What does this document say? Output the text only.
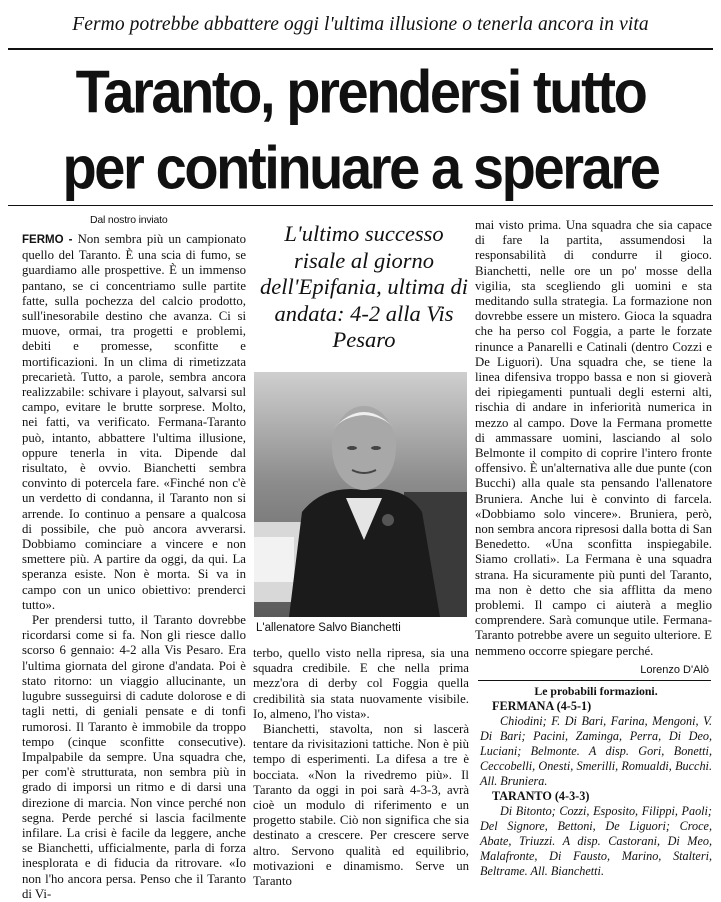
Fermo potrebbe abbattere oggi l'ultima illusione o tenerla ancora in vita
Taranto, prendersi tutto
per continuare a sperare
Dal nostro inviato

FERMO - Non sembra più un campionato quello del Taranto. È una scia di fumo, se guardiamo alle prospettive. È un immenso pantano, se ci concentriamo sulle partite fatte, sulla pochezza del calcio prodotto, sull'inesorabile destino che avanza. Ci si muove, ormai, tra progetti e problemi, debiti e promesse, sconfitte e mortificazioni. In un clima di rimetizzata precarietà. Tutto, a parole, sembra ancora realizzabile: schivare i playout, salvarsi sul campo, evitare le brutte sorprese. Molto, nei fatti, va verificato. Fermana-Taranto può, intanto, abbattere l'ultima illusione, oppure tenerla in vita. Dipende dal risultato, è ovvio. Bianchetti sembra convinto di potercela fare. «Finché non c'è un verdetto di condanna, il Taranto non si arrende. Io continuo a pensare a qualcosa di possibile, che può ancora avverarsi. Dobbiamo cominciare a vincere e non smettere più. A partire da oggi, da qui. La speranza esiste. Non è morta. Si va in campo con un unico obiettivo: prenderci tutto».

Per prendersi tutto, il Taranto dovrebbe ricordarsi come si fa. Non gli riesce dallo scorso 6 gennaio: 4-2 alla Vis Pesaro. Era l'ultima giornata del girone d'andata. Poi è stato ritorno: un viaggio allucinante, un lugubre susseguirsi di cadute dolorose e di tagli netti, di geniali pensate e di tonfi rumorosi. Il Taranto è immobile da troppo tempo (cinque sconfitte consecutive). Impalpabile da sempre. Una squadra che, per com'è strutturata, non sembra più in grado di imporsi un ritmo e di darsi una direzione di marcia. Non vince perché non segna. Perde perché si lascia facilmente infilare. La crisi è facile da leggere, anche se Bianchetti, ufficialmente, parla di forza inesplorata e di fiducia da ritrovare. «Io non l'ho ancora persa. Penso che il Taranto di Vi-

L'ultimo successo risale al giorno dell'Epifania, ultima di andata: 4-2 alla Vis Pesaro
L'allenatore Salvo Bianchetti

terbo, quello visto nella ripresa, sia una squadra credibile. E che nella prima mezz'ora di derby col Foggia quella credibilità sia stata nuovamente visibile. Io, almeno, l'ho vista».

Bianchetti, stavolta, non si lascerà tentare da rivisitazioni tattiche. Non è più tempo di esperimenti. La difesa a tre è bocciata. «Non la rivedremo più». Il Taranto da oggi in poi sarà 4-3-3, avrà cioè un modulo di riferimento e un progetto stabile. Ciò non significa che sia destinato a crescere. Per crescere serve altro. Servono qualità ed equilibrio, motivazioni e dinamismo. Serve un Taranto

mai visto prima. Una squadra che sia capace di fare la partita, assumendosi la responsabilità di condurre il gioco. Bianchetti, nelle ore un po' mosse della vigilia, sta scegliendo gli uomini e sta meditando sulla strategia. La formazione non dovrebbe essere un mistero. Gioca la squadra che ha perso col Foggia, a parte le forzate rinunce a Panarelli e Catinali (dentro Cozzi e De Liguori). Una squadra che, se tiene la linea difensiva troppo bassa e non si gioverà dei ripiegamenti puntuali degli esterni alti, rischia di andare in inferiorità numerica in mezzo al campo. Dove la Fermana promette di ammassare uomini, lasciando al solo Belmonte il compito di coprire l'intero fronte offensivo. È un'alternativa alle due punte (con Bucchi) alla quale sta pensando l'allenatore Bruniera. Anche lui è convinto di farcela. «Dobbiamo solo vincere». Bruniera, però, non sembra ancora ripresosi dalla botta di San Benedetto. «Una sconfitta inspiegabile. Siamo crollati». La Fermana è una squadra strana. Ha sicuramente più punti del Taranto, ma non è detto che sia afflitta da meno problemi. Il campo ci aiuterà a meglio comprendere. Sarà comunque utile. Fermana-Taranto potrebbe avere un seguito ulteriore. E nemmeno occorre spiegare perché.

Lorenzo D'Alò
Le probabili formazioni.
FERMANA (4-5-1)
Chiodini; F. Di Bari, Farina, Mengoni, V. Di Bari; Pacini, Zaminga, Perra, Di Deo, Luciani; Belmonte. A disp. Gori, Bonetti, Ceccobelli, Onesti, Smerilli, Romualdi, Bucchi. All. Bruniera.
TARANTO (4-3-3)
Di Bitonto; Cozzi, Esposito, Filippi, Paoli; Del Signore, Bettoni, De Liguori; Croce, Abate, Triuzzi. A disp. Castorani, Di Meo, Malafronte, Di Fausto, Marino, Stalteri, Beltrame. All. Bianchetti.
